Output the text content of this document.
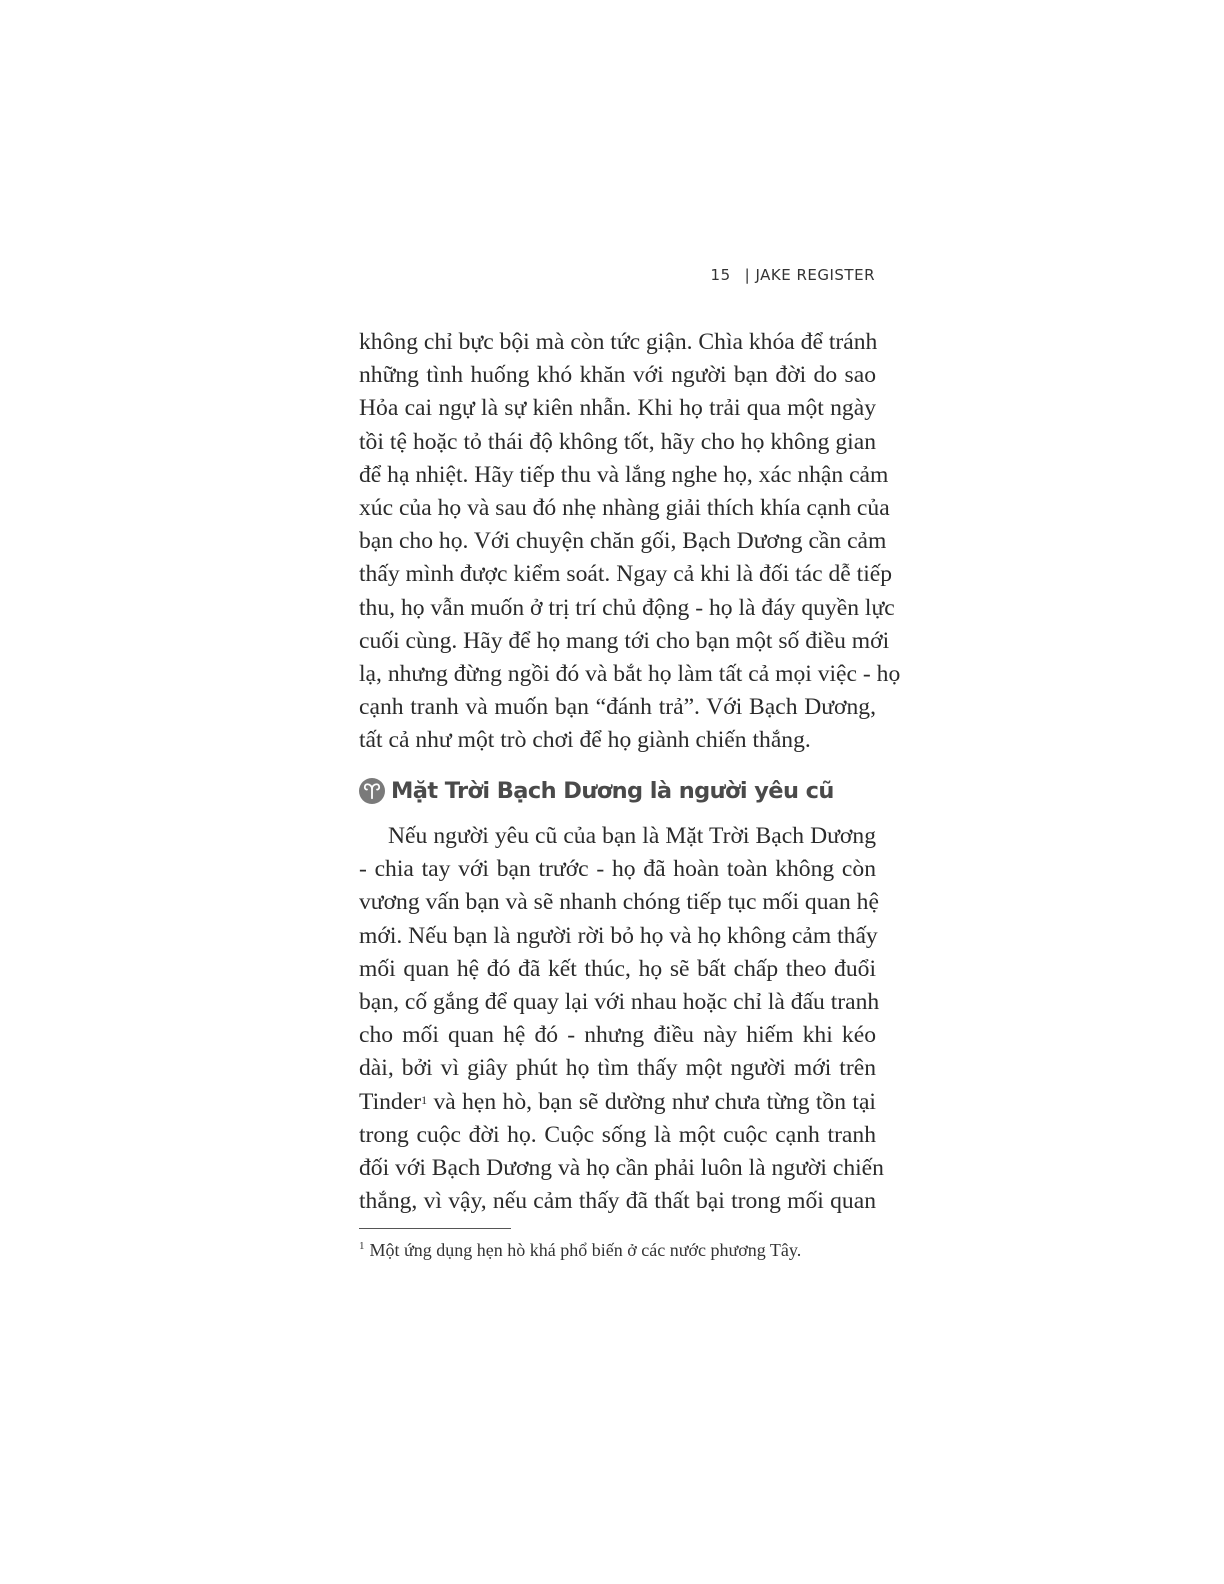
15 | JAKE REGISTER
không chỉ bực bội mà còn tức giận. Chìa khóa để tránh
những tình huống khó khăn với người bạn đời do sao
Hỏa cai ngự là sự kiên nhẫn. Khi họ trải qua một ngày
tồi tệ hoặc tỏ thái độ không tốt, hãy cho họ không gian
để hạ nhiệt. Hãy tiếp thu và lắng nghe họ, xác nhận cảm
xúc của họ và sau đó nhẹ nhàng giải thích khía cạnh của
bạn cho họ. Với chuyện chăn gối, Bạch Dương cần cảm
thấy mình được kiểm soát. Ngay cả khi là đối tác dễ tiếp
thu, họ vẫn muốn ở trị trí chủ động - họ là đáy quyền lực
cuối cùng. Hãy để họ mang tới cho bạn một số điều mới
lạ, nhưng đừng ngồi đó và bắt họ làm tất cả mọi việc - họ
cạnh tranh và muốn bạn “đánh trả”. Với Bạch Dương,
tất cả như một trò chơi để họ giành chiến thắng.
Mặt Trời Bạch Dương là người yêu cũ
Nếu người yêu cũ của bạn là Mặt Trời Bạch Dương
- chia tay với bạn trước - họ đã hoàn toàn không còn
vương vấn bạn và sẽ nhanh chóng tiếp tục mối quan hệ
mới. Nếu bạn là người rời bỏ họ và họ không cảm thấy
mối quan hệ đó đã kết thúc, họ sẽ bất chấp theo đuổi
bạn, cố gắng để quay lại với nhau hoặc chỉ là đấu tranh
cho mối quan hệ đó - nhưng điều này hiếm khi kéo
dài, bởi vì giây phút họ tìm thấy một người mới trên
Tinder$^1$ và hẹn hò, bạn sẽ dường như chưa từng tồn tại
trong cuộc đời họ. Cuộc sống là một cuộc cạnh tranh
đối với Bạch Dương và họ cần phải luôn là người chiến
thắng, vì vậy, nếu cảm thấy đã thất bại trong mối quan
$^1$ Một ứng dụng hẹn hò khá phổ biến ở các nước phương Tây.
